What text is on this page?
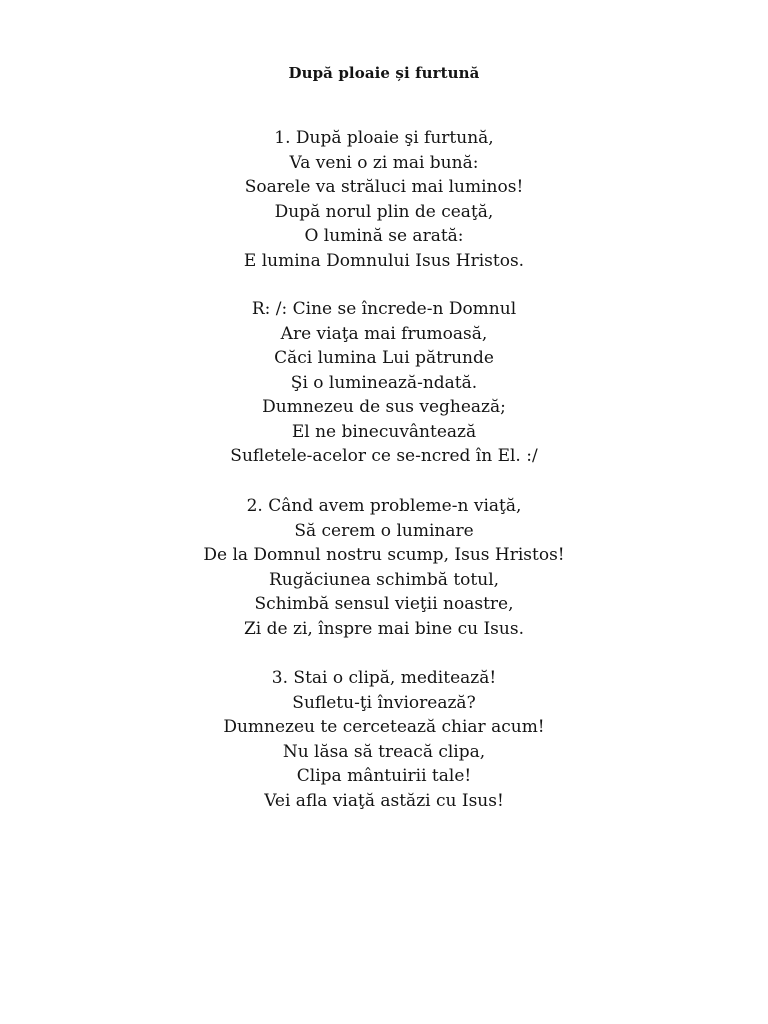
După ploaie și furtună
1. După ploaie şi furtună,
Va veni o zi mai bună:
Soarele va străluci mai luminos!
După norul plin de ceaţă,
O lumină se arată:
E lumina Domnului Isus Hristos.
R: /: Cine se încrede-n Domnul
Are viaţa mai frumoasă,
Căci lumina Lui pătrunde
Şi o luminează-ndată.
Dumnezeu de sus veghează;
El ne binecuvântează
Sufletele-acelor ce se-ncred în El. :/
2. Când avem probleme-n viaţă,
Să cerem o luminare
De la Domnul nostru scump, Isus Hristos!
Rugăciunea schimbă totul,
Schimbă sensul vieţii noastre,
Zi de zi, înspre mai bine cu Isus.
3. Stai o clipă, meditează!
Sufletu-ţi înviorează?
Dumnezeu te cercetează chiar acum!
Nu lăsa să treacă clipa,
Clipa mântuirii tale!
Vei afla viaţă astăzi cu Isus!
